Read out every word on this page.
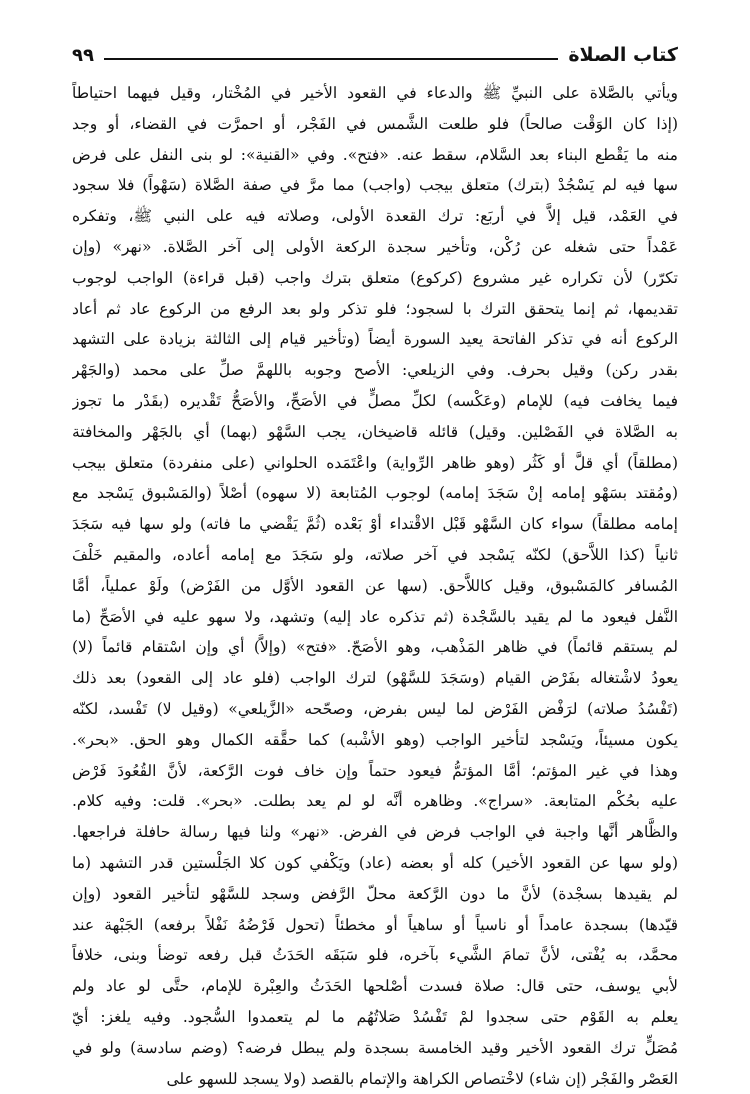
كتاب الصلاة
٩٩
ويأتي بالصَّلاة على النبيِّ ﷺ والدعاء في القعود الأخير في المُخْتار، وقيل فيهما احتياطاً
(إذا كان الوَقْت صالحاً) فلو طلعت الشَّمس في الفَجْر، أو احمرَّت في القضاء، أو وجد
منه ما يَقْطع البناء بعد السَّلام، سقط عنه. «فتح». وفي «القنية»: لو بنى النفل على فرض
سها فيه لم يَسْجُدْ (بترك) متعلق بيجب (واجب) مما مرَّ في صفة الصَّلاة (سَهْواً) فلا سجود
في العَمْد، قيل إلاَّ في أربَع: ترك القعدة الأولى، وصلاته فيه على النبي ﷺ، وتفكره
عَمْداً حتى شغله عن رُكْن، وتأخير سجدة الركعة الأولى إلى آخر الصَّلاة. «نهر» (وإن
تكرّر) لأن تكراره غير مشروع (كركوع) متعلق بترك واجب (قبل قراءة) الواجب لوجوب
تقديمها، ثم إنما يتحقق الترك با لسجود؛ فلو تذكر ولو بعد الرفع من الركوع عاد ثم أعاد
الركوع أنه في تذكر الفاتحة يعيد السورة أيضاً (وتأخير قيام إلى الثالثة بزيادة على التشهد
بقدر ركن) وقيل بحرف. وفي الزيلعي: الأصح وجوبه باللهمَّ صلِّ على محمد (والجَهْر
فيما يخافت فيه) للإمام (وعَكْسه) لكلِّ مصلٍّ في الأصَحِّ، والأصَحُّ تَقْديره (بقَدْر ما تجوز
به الصَّلاة في الفَصْلين. وقيل) قائله قاضيخان، يجب السَّهْو (بهما) أي بالجَهْر والمخافتة
(مطلقاً) أي قلَّ أو كَثُر (وهو ظاهر الرِّواية) واعْتَمَده الحلواني (على منفردة) متعلق بيجب
(ومُقتد بسَهْو إمامه إنْ سَجَدَ إمامه) لوجوب المُتابعة (لا سهوه) أصْلاً (والمَسْبوق يَسْجد مع
إمامه مطلقاً) سواء كان السَّهْو قَبْل الاقْتداء أوْ بَعْده (ثُمَّ يَقْضي ما فاته) ولو سها فيه سَجَدَ
ثانياً (كذا اللاَّحق) لكنّه يَسْجد في آخر صلاته، ولو سَجَدَ مع إمامه أعاده، والمقيم خَلْفَ
المُسافر كالمَسْبوق، وقيل كاللاَّحق. (سها عن القعود الأوَّل من الفَرْض) ولَوْ عملياً، أمَّا
النَّفل فيعود ما لم يقيد بالسَّجْدة (ثم تذكره عاد إليه) وتشهد، ولا سهو عليه في الأصَحِّ (ما
لم يستقم قائماً) في ظاهر المَذْهب، وهو الأصَحّ. «فتح» (وإلاَّ) أي وإن اسْتقام قائماً (لا)
يعودُ لاشْتغاله بفَرْض القيام (وسَجَدَ للسَّهْو) لترك الواجب (فلو عاد إلى القعود) بعد ذلك
(تَفْسُدُ صلاته) لرَفْض الفَرْض لما ليس بفرض، وصحّحه «الزَّيلعي» (وقيل لا) تَفْسد، لكنّه
يكون مسيئاً، ويَسْجد لتأخير الواجب (وهو الأشْبه) كما حقَّقه الكمال وهو الحق. «بحر».
وهذا في غير المؤتم؛ أمَّا المؤتمُّ فيعود حتماً وإن خاف فوت الرَّكعة، لأنَّ القُعُودَ فَرْض
عليه بحُكْم المتابعة. «سراج». وظاهره أنَّه لو لم يعد بطلت. «بحر». قلت: وفيه كلام.
والظَّاهر أنَّها واجبة في الواجب فرض في الفرض. «نهر» ولنا فيها رسالة حافلة فراجعها.
(ولو سها عن القعود الأخير) كله أو بعضه (عاد) ويَكْفي كون كلا الجَلْستين قدر التشهد (ما
لم يقيدها بسجْدة) لأنَّ ما دون الرَّكعة محلّ الرَّفض وسجد للسَّهْو لتأخير القعود (وإن
قيّدها) بسجدة عامداً أو ناسياً أو ساهياً أو مخطئاً (تحول فَرْضُهُ نَفْلاً برفعه) الجَبْهة عند
محمَّد، به يُفْتى، لأنَّ تمامَ الشَّيء بآخره، فلو سَبَقَه الحَدَثُ قبل رفعه توضأ وبنى، خلافاً
لأبي يوسف، حتى قال: صلاة فسدت أصْلحها الحَدَثُ والعِبْرة للإمام، حتَّى لو عاد ولم
يعلم به القَوْم حتى سجدوا لمْ تَفْسُدْ صَلاتُهُم ما لم يتعمدوا السُّجود. وفيه يلغز: أيّ
مُصَلٍّ ترك القعود الأخير وقيد الخامسة بسجدة ولم يبطل فرضه؟ (وضم سادسة) ولو في
العَصْر والفَجْر (إن شاء) لاخْتصاص الكراهة والإتمام بالقصد (ولا يسجد للسهو على
